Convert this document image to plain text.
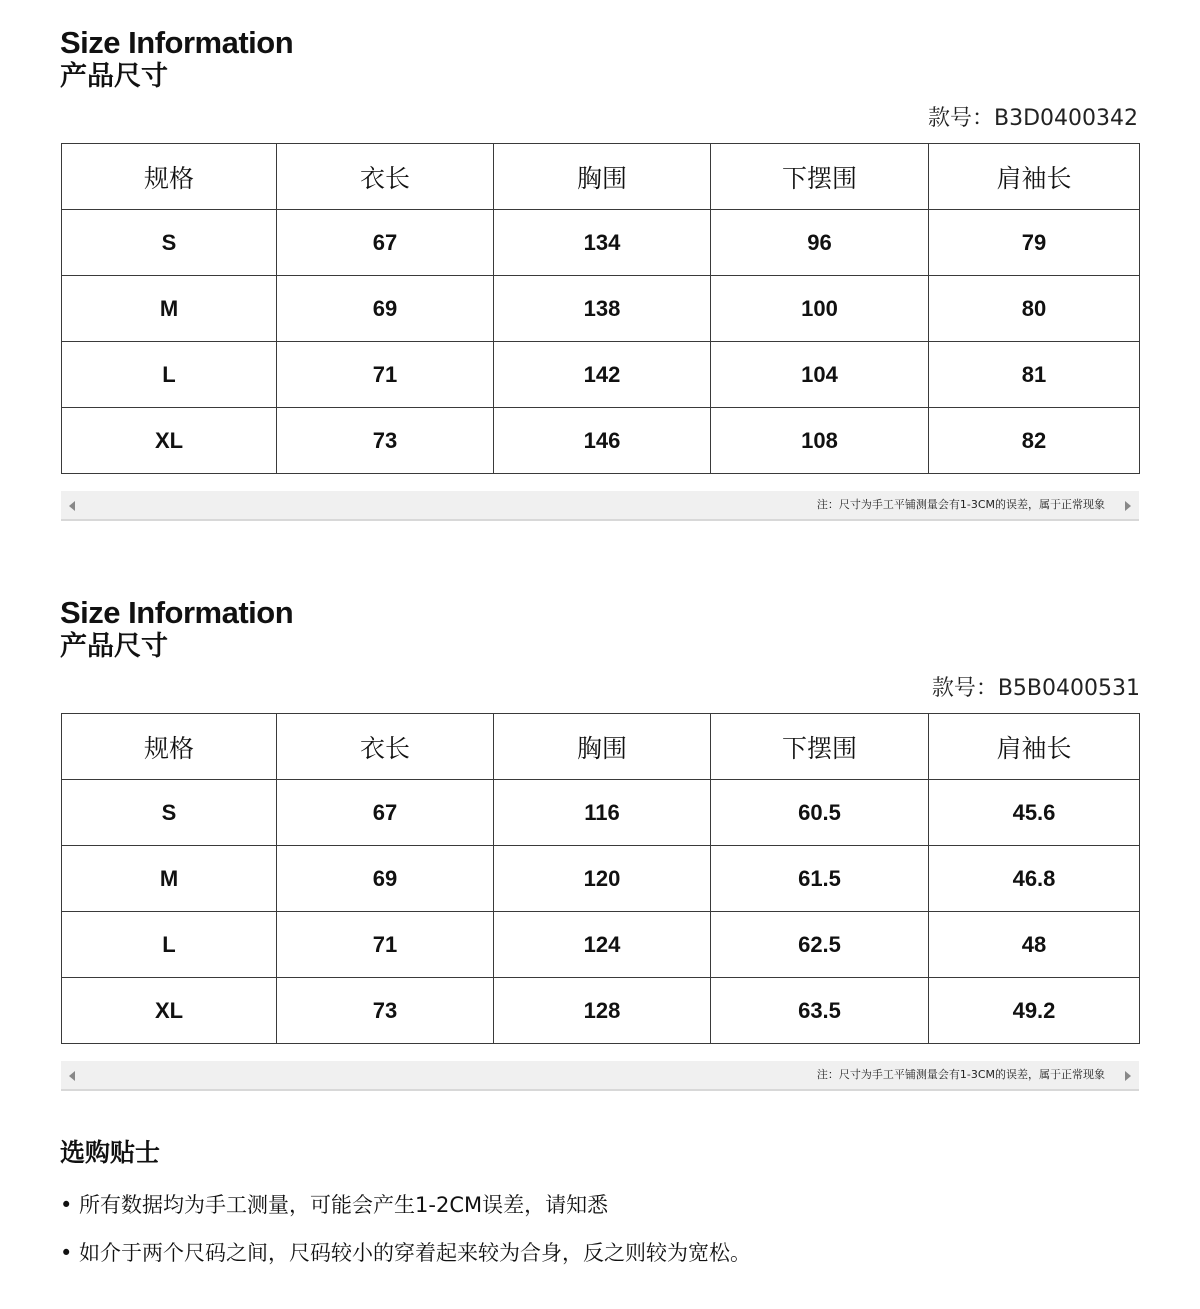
Size Information
产品尺寸
款号：B3D0400342
规格	衣长	胸围	下摆围	肩袖长
S	67	134	96	79
M	69	138	100	80
L	71	142	104	81
XL	73	146	108	82
注：尺寸为手工平铺测量会有1-3CM的误差，属于正常现象
Size Information
产品尺寸
款号：B5B0400531
规格	衣长	胸围	下摆围	肩袖长
S	67	116	60.5	45.6
M	69	120	61.5	46.8
L	71	124	62.5	48
XL	73	128	63.5	49.2
注：尺寸为手工平铺测量会有1-3CM的误差，属于正常现象
选购贴士
• 所有数据均为手工测量，可能会产生1-2CM误差，请知悉
• 如介于两个尺码之间，尺码较小的穿着起来较为合身，反之则较为宽松。
